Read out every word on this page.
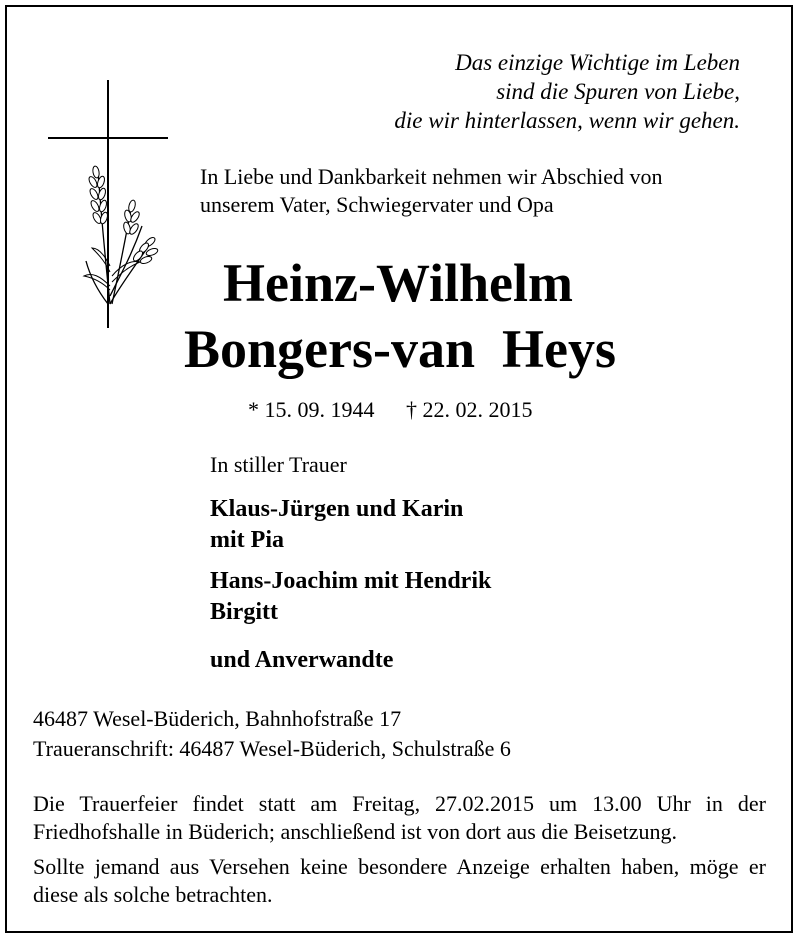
Das einzige Wichtige im Leben
sind die Spuren von Liebe,
die wir hinterlassen, wenn wir gehen.
In Liebe und Dankbarkeit nehmen wir Abschied von
unserem Vater, Schwiegervater und Opa
Heinz-Wilhelm
Bongers-van  Heys
* 15. 09. 1944 † 22. 02. 2015
In stiller Trauer
Klaus-Jürgen und Karin
mit Pia
Hans-Joachim mit Hendrik
Birgitt
und Anverwandte
46487 Wesel-Büderich, Bahnhofstraße 17
Traueranschrift: 46487 Wesel-Büderich, Schulstraße 6
Die Trauerfeier findet statt am Freitag, 27.02.2015 um 13.00 Uhr in der Friedhofshalle in Büderich; anschließend ist von dort aus die Beisetzung.
Sollte jemand aus Versehen keine besondere Anzeige erhalten haben, möge er diese als solche betrachten.
